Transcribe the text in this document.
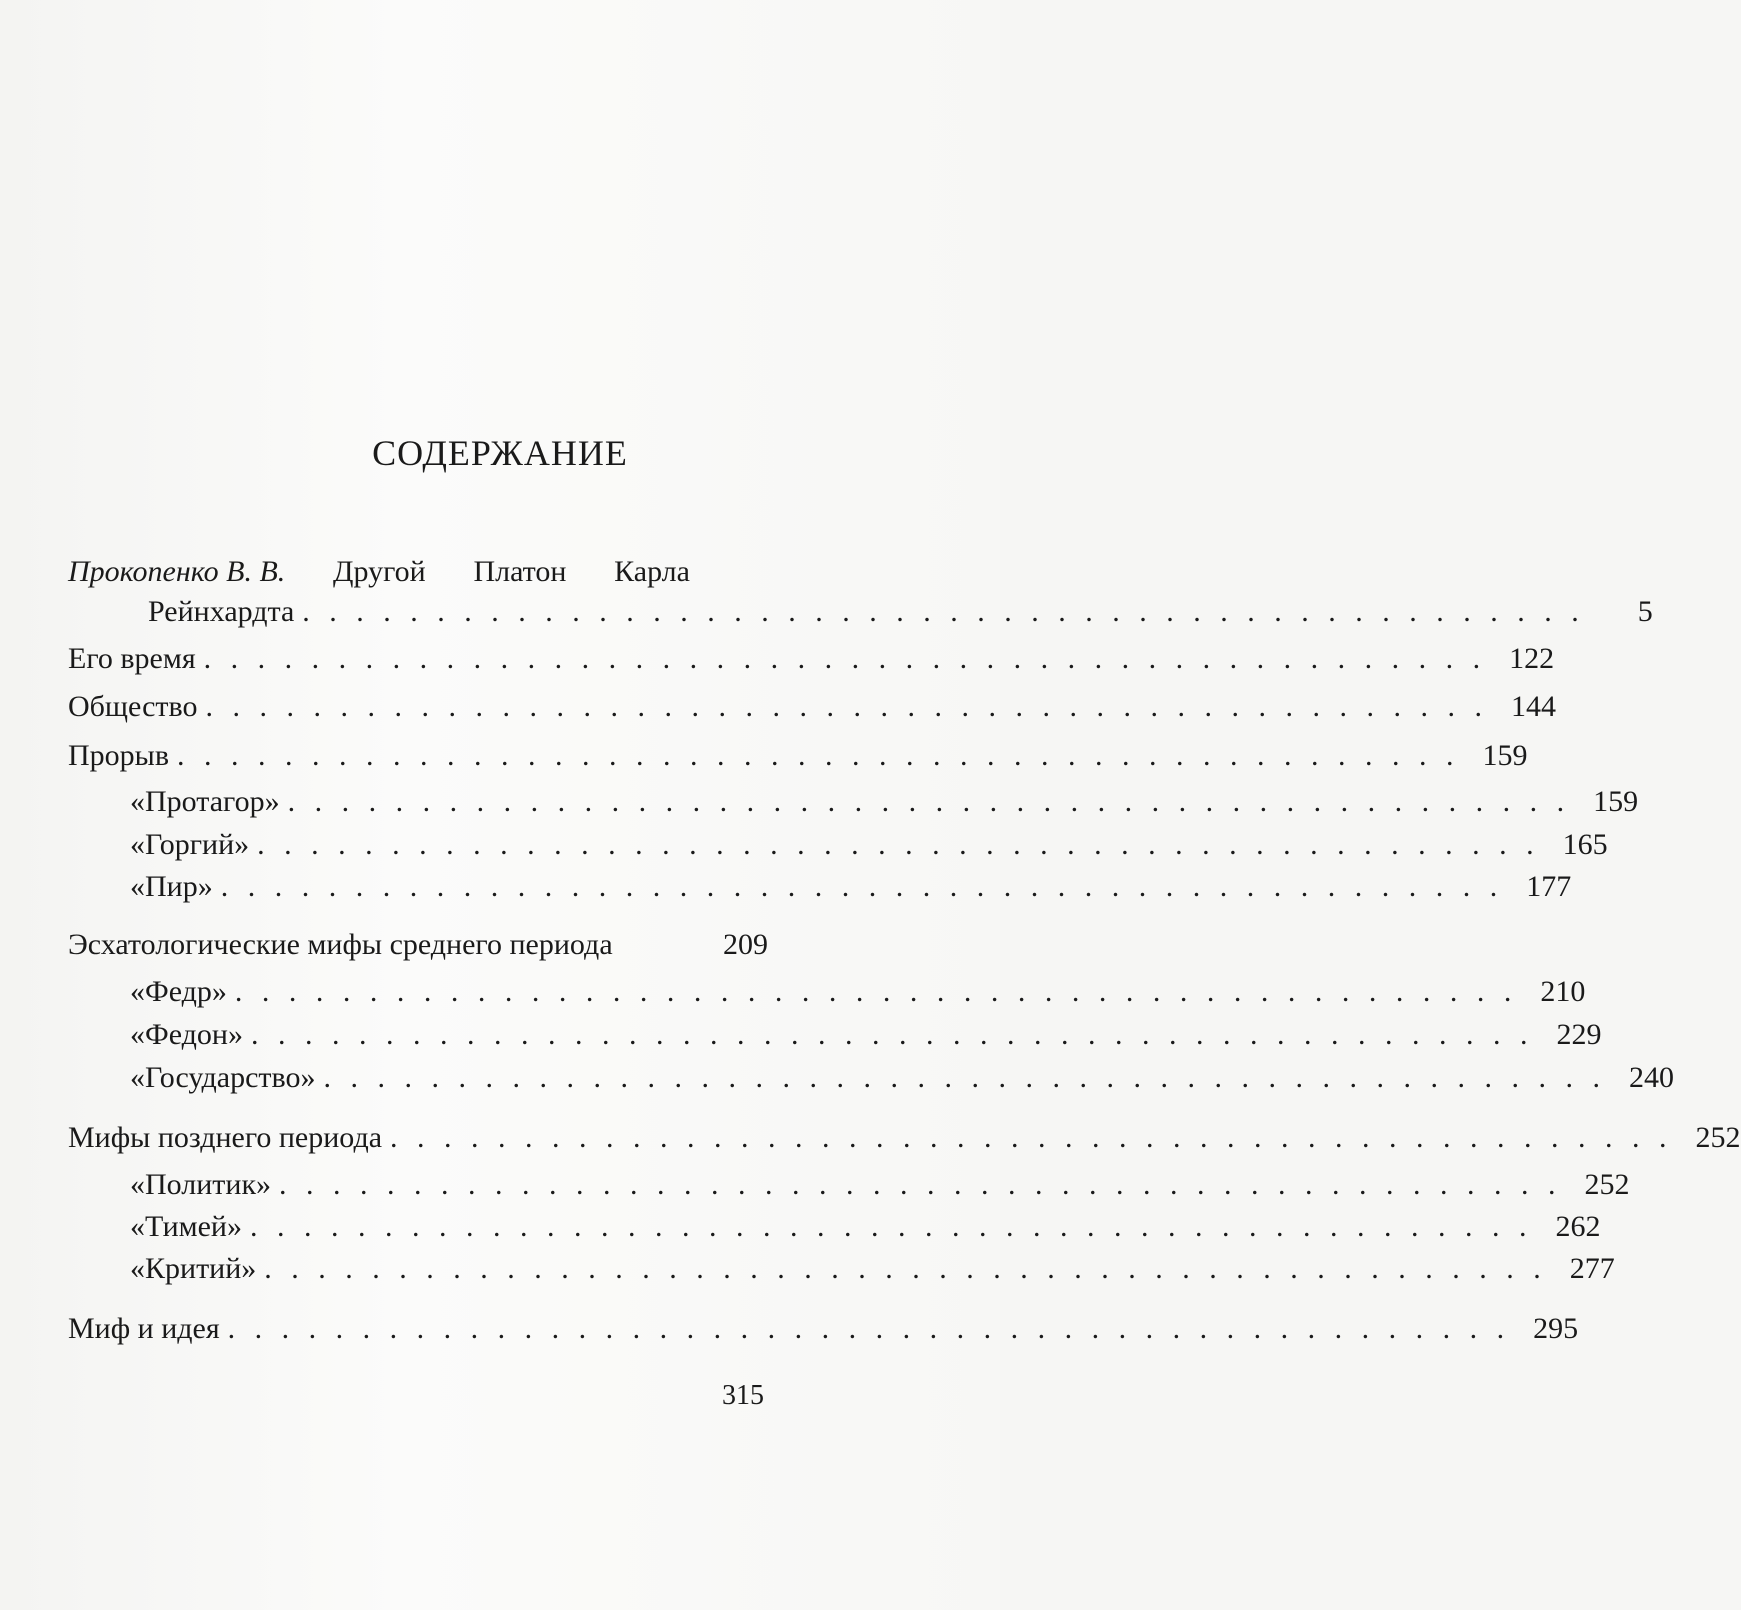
СОДЕРЖАНИЕ
Прокопенко В. В. Другой Платон Карла
Рейнхардта . . . . . . . . . . . . . . . . . . . . . . . . . . . . . . . . . . . . . . . . . . . . . . . .	5
Его время . . . . . . . . . . . . . . . . . . . . . . . . . . . . . . . . . . . . . . . . . . . . . . . . 122
Общество . . . . . . . . . . . . . . . . . . . . . . . . . . . . . . . . . . . . . . . . . . . . . . . . 144
Прорыв . . . . . . . . . . . . . . . . . . . . . . . . . . . . . . . . . . . . . . . . . . . . . . . . 159
«Протагор» . . . . . . . . . . . . . . . . . . . . . . . . . . . . . . . . . . . . . . . . . . . . . . . . 159
«Горгий» . . . . . . . . . . . . . . . . . . . . . . . . . . . . . . . . . . . . . . . . . . . . . . . . 165
«Пир» . . . . . . . . . . . . . . . . . . . . . . . . . . . . . . . . . . . . . . . . . . . . . . . . 177
Эсхатологические мифы среднего периода	209
«Федр» . . . . . . . . . . . . . . . . . . . . . . . . . . . . . . . . . . . . . . . . . . . . . . . . 210
«Федон» . . . . . . . . . . . . . . . . . . . . . . . . . . . . . . . . . . . . . . . . . . . . . . . . 229
«Государство» . . . . . . . . . . . . . . . . . . . . . . . . . . . . . . . . . . . . . . . . . . . . . . . . 240
Мифы позднего периода . . . . . . . . . . . . . . . . . . . . . . . . . . . . . . . . . . . . . . . . . . . . . . . . 252
«Политик» . . . . . . . . . . . . . . . . . . . . . . . . . . . . . . . . . . . . . . . . . . . . . . . . 252
«Тимей» . . . . . . . . . . . . . . . . . . . . . . . . . . . . . . . . . . . . . . . . . . . . . . . . 262
«Критий» . . . . . . . . . . . . . . . . . . . . . . . . . . . . . . . . . . . . . . . . . . . . . . . . 277
Миф и идея . . . . . . . . . . . . . . . . . . . . . . . . . . . . . . . . . . . . . . . . . . . . . . . . 295
315
